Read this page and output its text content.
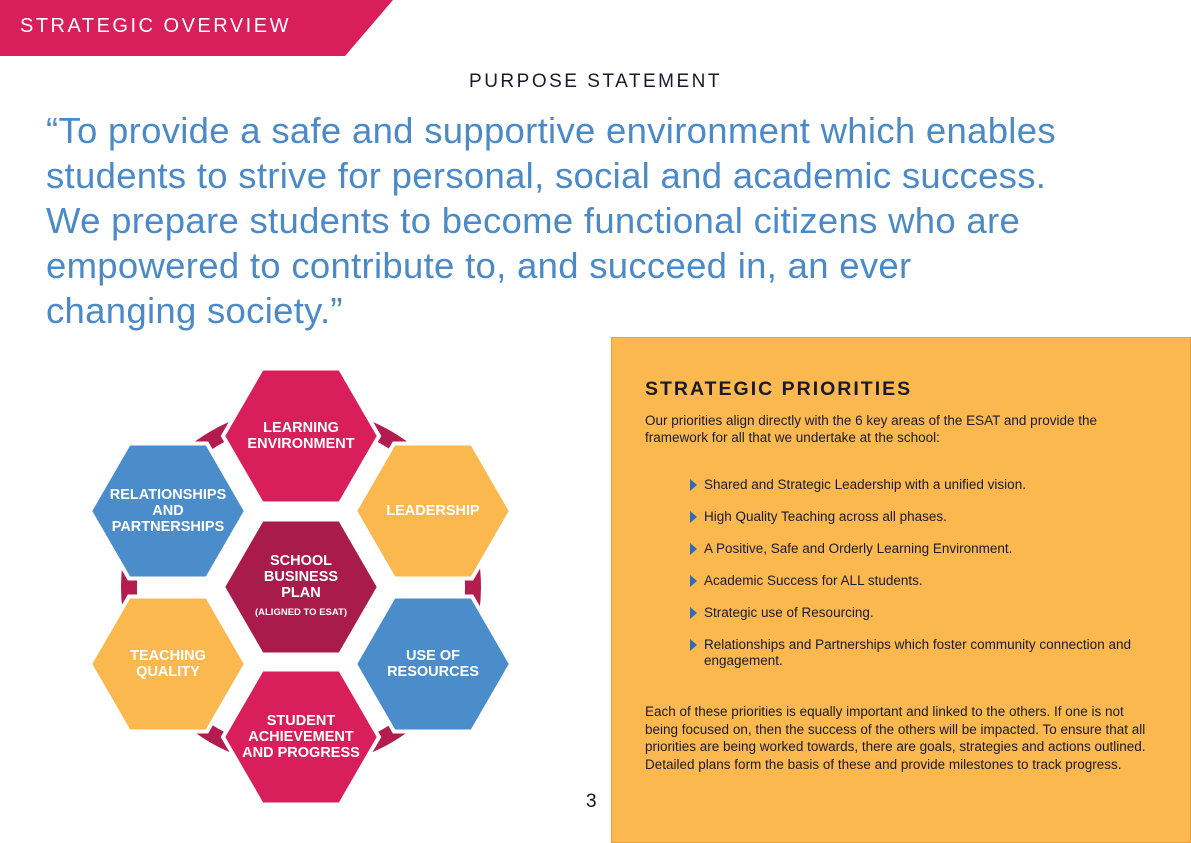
STRATEGIC OVERVIEW
PURPOSE STATEMENT

“To provide a safe and supportive environment which enables
students to strive for personal, social and academic success.
We prepare students to become functional citizens who are
empowered to contribute to, and succeed in, an ever
changing society.”

LEARNING
ENVIRONMENT
LEADERSHIP
USE OF
RESOURCES
STUDENT
ACHIEVEMENT
AND PROGRESS
TEACHING
QUALITY
RELATIONSHIPS
AND
PARTNERSHIPS
SCHOOL
BUSINESS
PLAN
(ALIGNED TO ESAT)
3
STRATEGIC PRIORITIES

Our priorities align directly with the 6 key areas of the ESAT and provide the framework for all that we undertake at the school:

Shared and Strategic Leadership with a unified vision.
High Quality Teaching across all phases.
A Positive, Safe and Orderly Learning Environment.
Academic Success for ALL students.
Strategic use of Resourcing.
Relationships and Partnerships which foster community connection and engagement.

Each of these priorities is equally important and linked to the others. If one is not being focused on, then the success of the others will be impacted. To ensure that all priorities are being worked towards, there are goals, strategies and actions outlined. Detailed plans form the basis of these and provide milestones to track progress.
